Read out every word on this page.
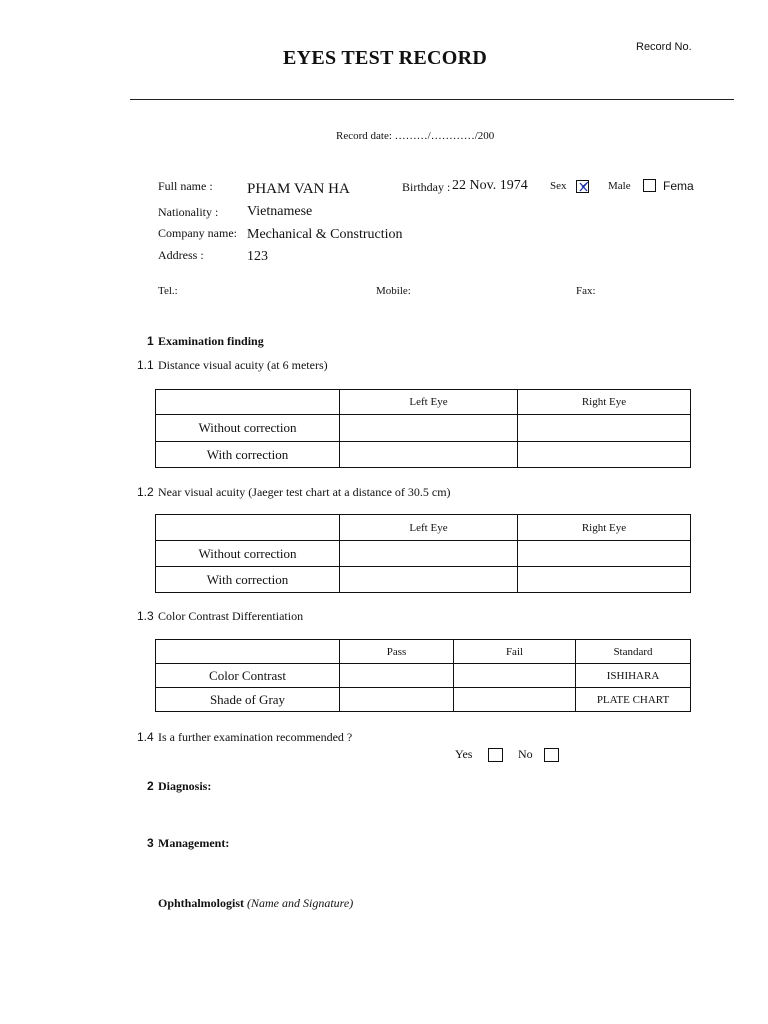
EYES TEST RECORD	Record No.
Record date: ………/…………/200
Full name : PHAM VAN HA	Birthday : 22 Nov. 1974 Sex	Male	Fema
Nationality : Vietnamese
Company name: Mechanical & Construction
Address :	123
Tel.:	Mobile:	Fax:
1 Examination finding
1.1 Distance visual acuity (at 6 meters)
	Left Eye	Right Eye
Without correction		
With correction		
1.2 Near visual acuity (Jaeger test chart at a distance of 30.5 cm)
	Left Eye	Right Eye
Without correction		
With correction		
1.3 Color Contrast Differentiation
	Pass	Fail	Standard
Color Contrast			ISHIHARA
Shade of Gray			PLATE CHART
1.4 Is a further examination recommended ?
Yes	No
2 Diagnosis:
3 Management:
Ophthalmologist (Name and Signature)
